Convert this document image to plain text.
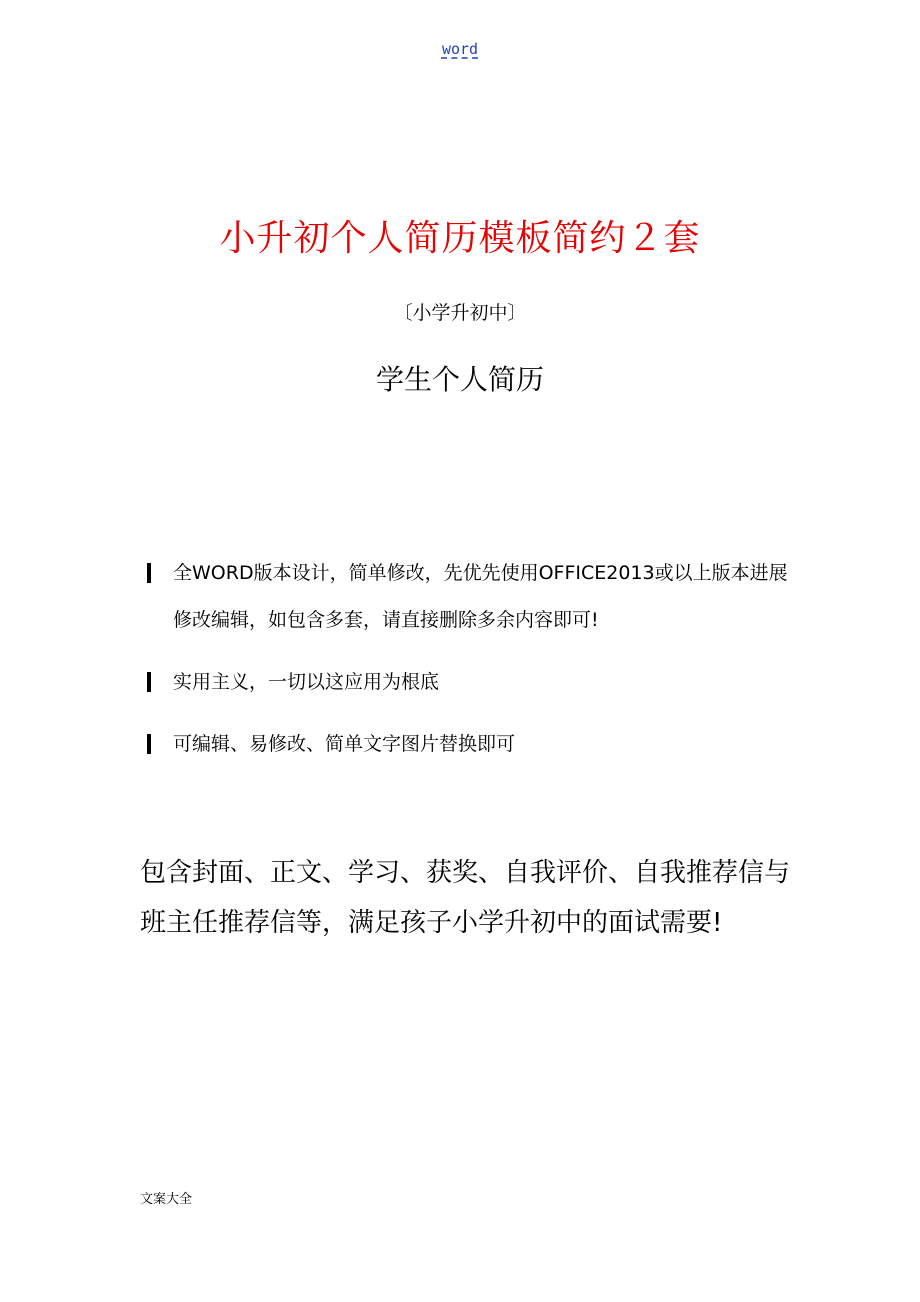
word
小升初个人简历模板简约２套
〔小学升初中〕
学生个人简历
全WORD版本设计，简单修改，先优先使用OFFICE2013或以上版本进展修改编辑，如包含多套，请直接删除多余内容即可!
实用主义，一切以这应用为根底
可编辑、易修改、简单文字图片替换即可

包含封面、正文、学习、获奖、自我评价、自我推荐信与班主任推荐信等，满足孩子小学升初中的面试需要!

文案大全
